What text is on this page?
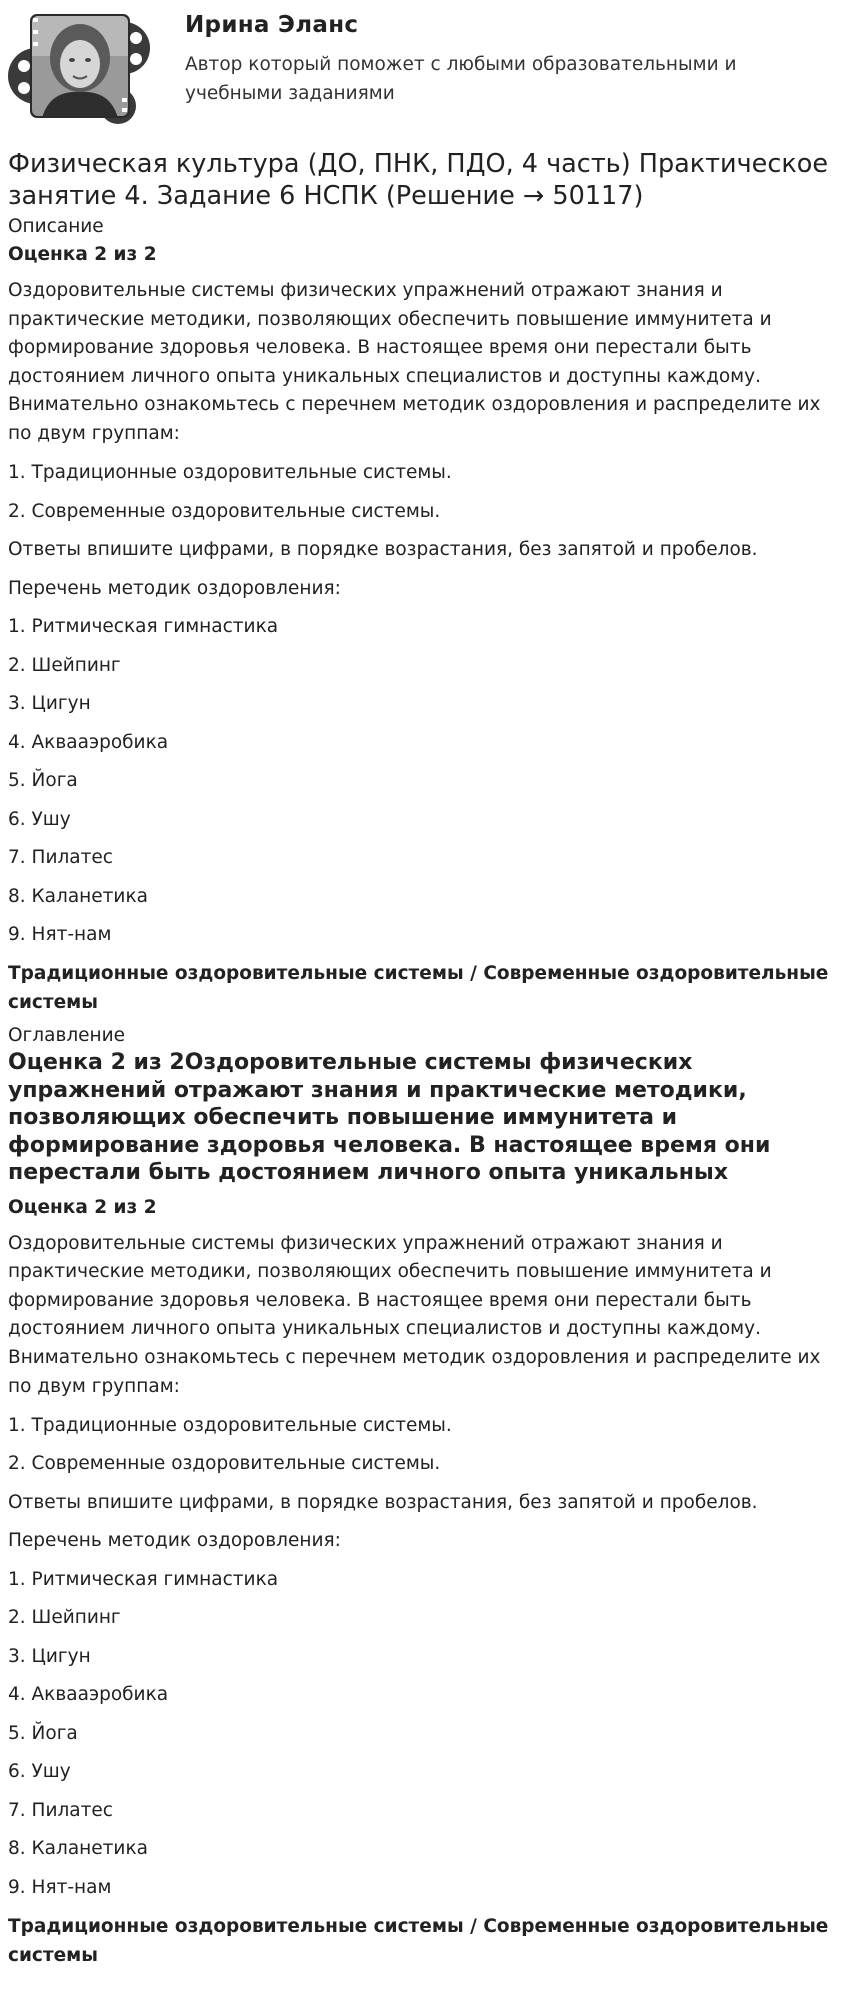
Ирина Эланс
Автор который поможет с любыми образовательными и учебными заданиями
Физическая культура (ДО, ПНК, ПДО, 4 часть) Практическое занятие 4. Задание 6 НСПК (Решение → 50117)
Описание
Оценка 2 из 2
Оздоровительные системы физических упражнений отражают знания и практические методики, позволяющих обеспечить повышение иммунитета и формирование здоровья человека. В настоящее время они перестали быть достоянием личного опыта уникальных специалистов и доступны каждому. Внимательно ознакомьтесь с перечнем методик оздоровления и распределите их по двум группам:
1. Традиционные оздоровительные системы.
2. Современные оздоровительные системы.
Ответы впишите цифрами, в порядке возрастания, без запятой и пробелов.
Перечень методик оздоровления:
1. Ритмическая гимнастика
2. Шейпинг
3. Цигун
4. Аквааэробика
5. Йога
6. Ушу
7. Пилатес
8. Каланетика
9. Нят-нам
Традиционные оздоровительные системы / Современные оздоровительные системы
Оглавление
Оценка 2 из 2Оздоровительные системы физических упражнений отражают знания и практические методики, позволяющих обеспечить повышение иммунитета и формирование здоровья человека. В настоящее время они перестали быть достоянием личного опыта уникальных
Оценка 2 из 2
Оздоровительные системы физических упражнений отражают знания и практические методики, позволяющих обеспечить повышение иммунитета и формирование здоровья человека. В настоящее время они перестали быть достоянием личного опыта уникальных специалистов и доступны каждому. Внимательно ознакомьтесь с перечнем методик оздоровления и распределите их по двум группам:
1. Традиционные оздоровительные системы.
2. Современные оздоровительные системы.
Ответы впишите цифрами, в порядке возрастания, без запятой и пробелов.
Перечень методик оздоровления:
1. Ритмическая гимнастика
2. Шейпинг
3. Цигун
4. Аквааэробика
5. Йога
6. Ушу
7. Пилатес
8. Каланетика
9. Нят-нам
Традиционные оздоровительные системы / Современные оздоровительные системы
